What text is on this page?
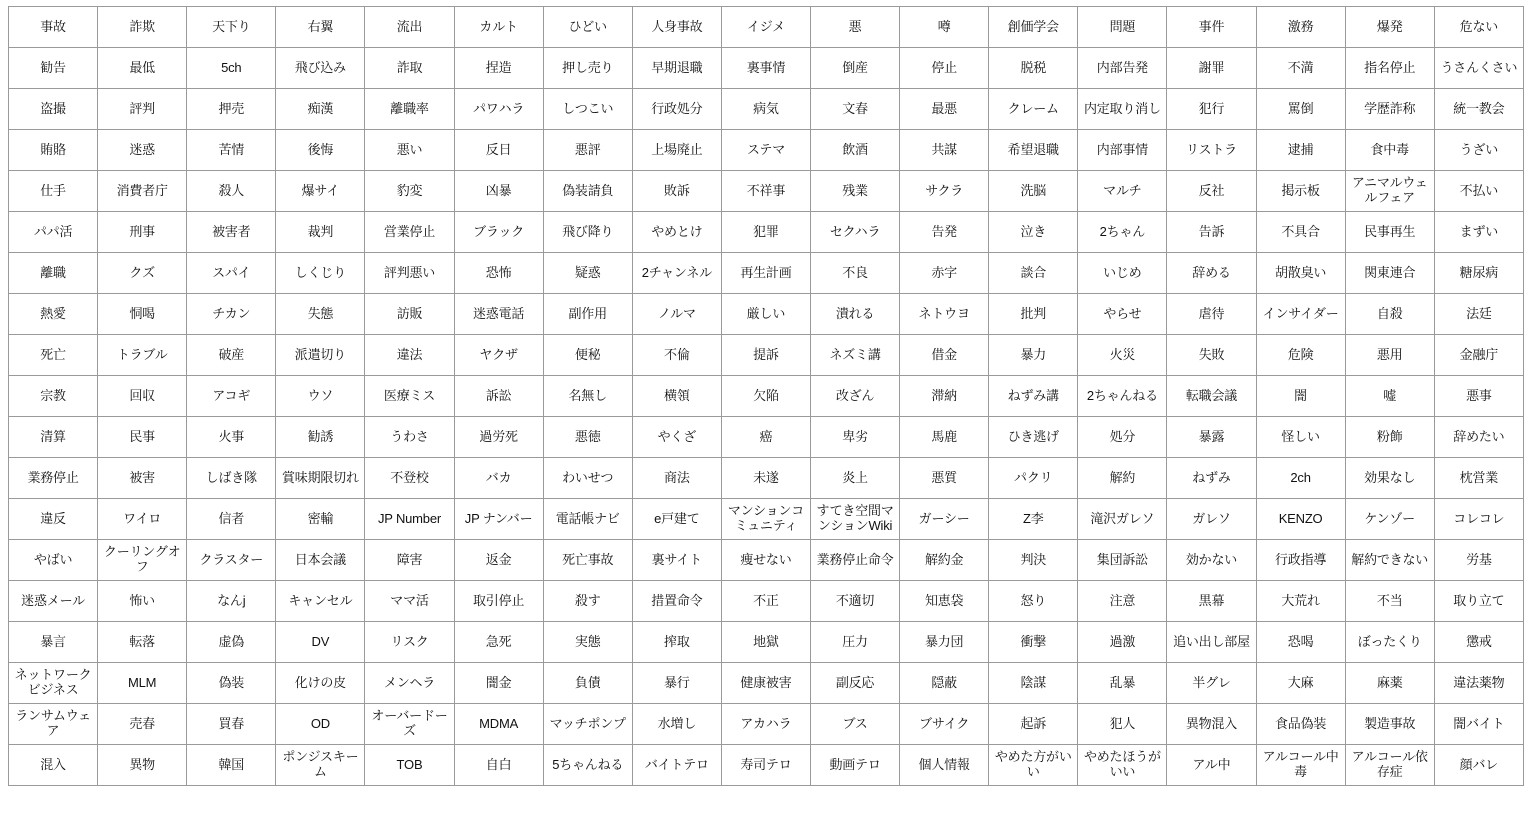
事故	詐欺	天下り	右翼	流出	カルト	ひどい	人身事故	イジメ	悪	噂	創価学会	問題	事件	激務	爆発	危ない
勧告	最低	5ch	飛び込み	詐取	捏造	押し売り	早期退職	裏事情	倒産	停止	脱税	内部告発	謝罪	不満	指名停止	うさんくさい
盗撮	評判	押売	痴漢	離職率	パワハラ	しつこい	行政処分	病気	文春	最悪	クレーム	内定取り消し	犯行	罵倒	学歴詐称	統一教会
賄賂	迷惑	苦情	後悔	悪い	反日	悪評	上場廃止	ステマ	飲酒	共謀	希望退職	内部事情	リストラ	逮捕	食中毒	うざい
仕手	消費者庁	殺人	爆サイ	豹変	凶暴	偽装請負	敗訴	不祥事	残業	サクラ	洗脳	マルチ	反社	掲示板	アニマルウェルフェア	不払い
パパ活	刑事	被害者	裁判	営業停止	ブラック	飛び降り	やめとけ	犯罪	セクハラ	告発	泣き	2ちゃん	告訴	不具合	民事再生	まずい
離職	クズ	スパイ	しくじり	評判悪い	恐怖	疑惑	2チャンネル	再生計画	不良	赤字	談合	いじめ	辞める	胡散臭い	関東連合	糖尿病
熱愛	恫喝	チカン	失態	訪販	迷惑電話	副作用	ノルマ	厳しい	潰れる	ネトウヨ	批判	やらせ	虐待	インサイダー	自殺	法廷
死亡	トラブル	破産	派遣切り	違法	ヤクザ	便秘	不倫	提訴	ネズミ講	借金	暴力	火災	失敗	危険	悪用	金融庁
宗教	回収	アコギ	ウソ	医療ミス	訴訟	名無し	横領	欠陥	改ざん	滞納	ねずみ講	2ちゃんねる	転職会議	闇	嘘	悪事
清算	民事	火事	勧誘	うわさ	過労死	悪徳	やくざ	癌	卑劣	馬鹿	ひき逃げ	処分	暴露	怪しい	粉飾	辞めたい
業務停止	被害	しばき隊	賞味期限切れ	不登校	バカ	わいせつ	商法	未遂	炎上	悪質	パクリ	解約	ねずみ	2ch	効果なし	枕営業
違反	ワイロ	信者	密輸	JP Number	JP ナンバー	電話帳ナビ	e戸建て	マンションコミュニティ	すてき空間マンションWiki	ガーシー	Z李	滝沢ガレソ	ガレソ	KENZO	ケンゾー	コレコレ
やばい	クーリングオフ	クラスター	日本会議	障害	返金	死亡事故	裏サイト	痩せない	業務停止命令	解約金	判決	集団訴訟	効かない	行政指導	解約できない	労基
迷惑メール	怖い	なんj	キャンセル	ママ活	取引停止	殺す	措置命令	不正	不適切	知恵袋	怒り	注意	黒幕	大荒れ	不当	取り立て
暴言	転落	虚偽	DV	リスク	急死	実態	搾取	地獄	圧力	暴力団	衝撃	過激	追い出し部屋	恐喝	ぼったくり	懲戒
ネットワークビジネス	MLM	偽装	化けの皮	メンヘラ	闇金	負債	暴行	健康被害	副反応	隠蔽	陰謀	乱暴	半グレ	大麻	麻薬	違法薬物
ランサムウェア	売春	買春	OD	オーバードーズ	MDMA	マッチポンプ	水増し	アカハラ	ブス	ブサイク	起訴	犯人	異物混入	食品偽装	製造事故	闇バイト
混入	異物	韓国	ポンジスキーム	TOB	自白	5ちゃんねる	バイトテロ	寿司テロ	動画テロ	個人情報	やめた方がいい	やめたほうがいい	アル中	アルコール中毒	アルコール依存症	顔バレ
